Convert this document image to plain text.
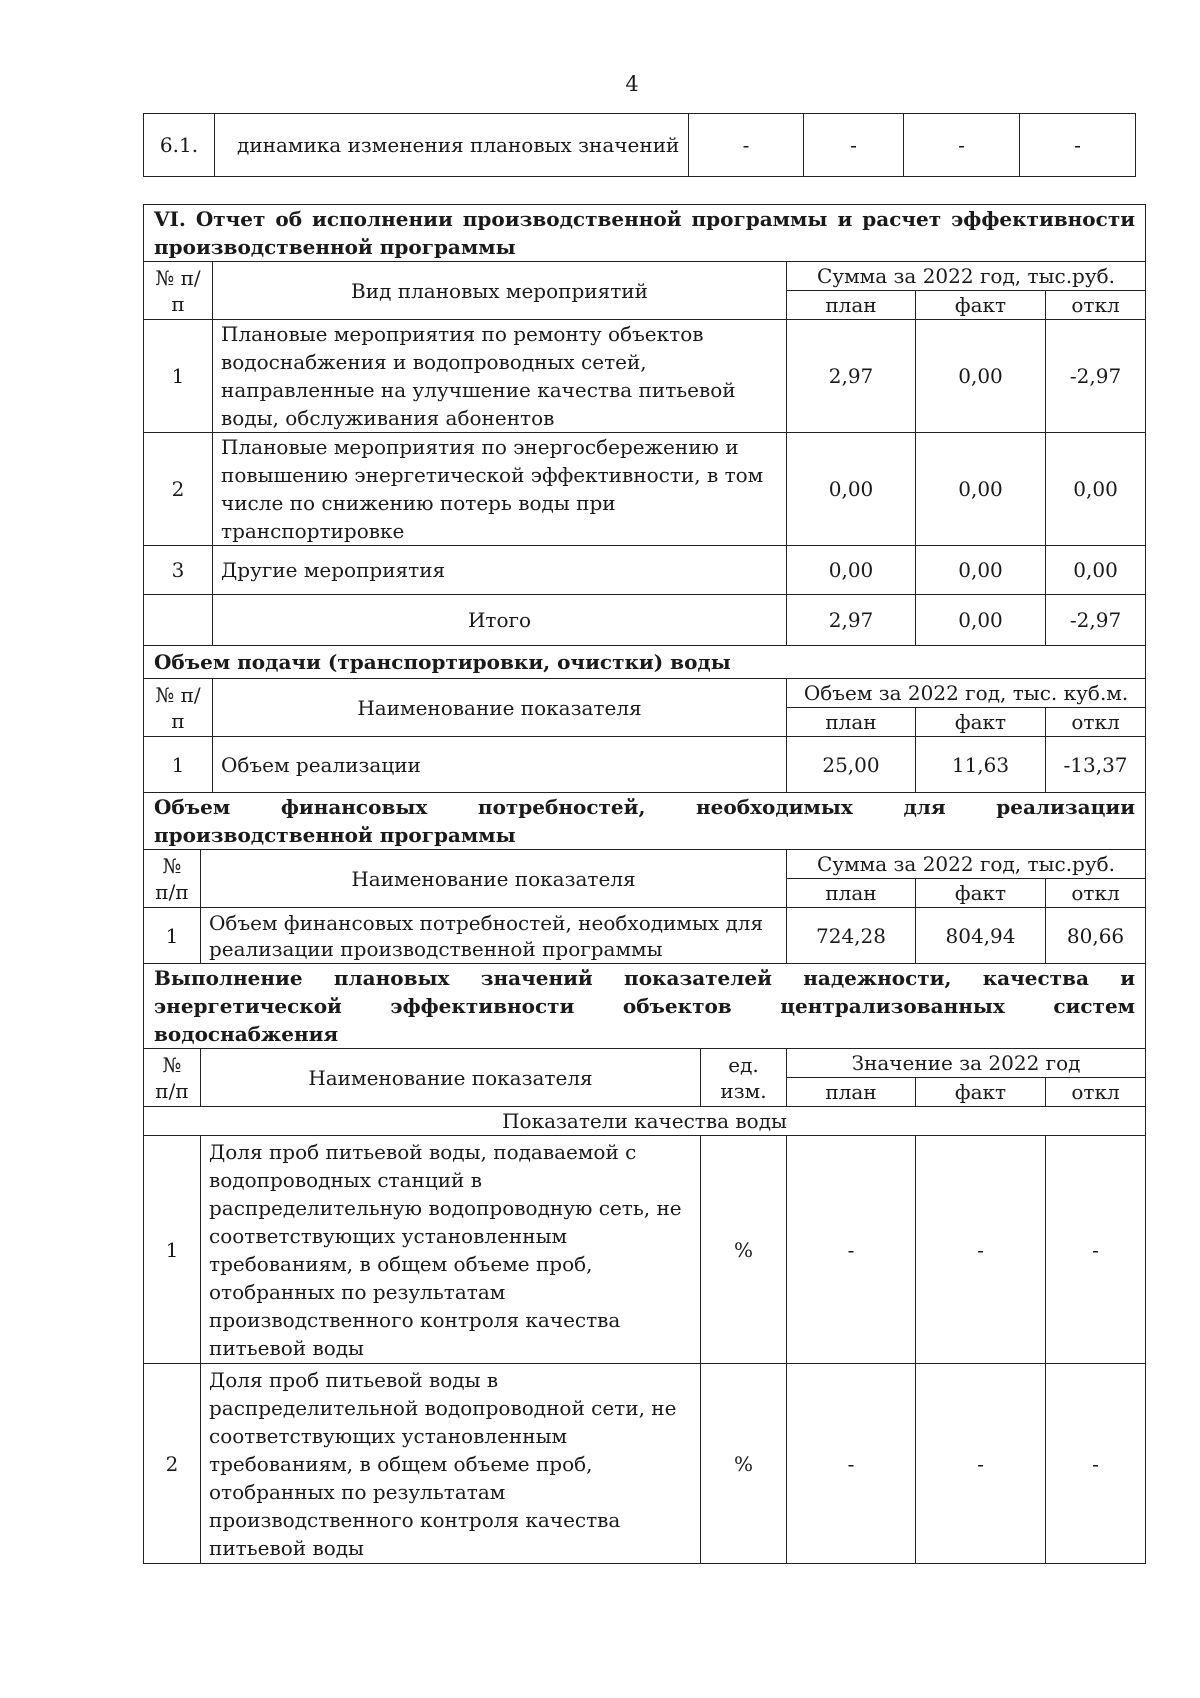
4
6.1.	динамика изменения плановых значений	-	-	-	-
VI. Отчет об исполнении производственной программы и расчет эффективности производственной программы						
№ п/п		Вид плановых мероприятий		Сумма за 2022 год, тыс.руб.		
				план	факт	откл
1		Плановые мероприятия по ремонту объектов водоснабжения и водопроводных сетей, направленные на улучшение качества питьевой воды, обслуживания абонентов		2,97	0,00	-2,97
2		Плановые мероприятия по энергосбережению и повышению энергетической эффективности, в том числе по снижению потерь воды при транспортировке		0,00	0,00	0,00
3		Другие мероприятия		0,00	0,00	0,00
		Итого		2,97	0,00	-2,97
Объем подачи (транспортировки, очистки) воды						
№ п/п		Наименование показателя		Объем за 2022 год, тыс. куб.м.		
				план	факт	откл
1		Объем реализации		25,00	11,63	-13,37
Объем финансовых потребностей, необходимых для реализации производственной программы						
№ п/п	Наименование показателя			Сумма за 2022 год, тыс.руб.		
				план	факт	откл
1	Объем финансовых потребностей, необходимых для реализации производственной программы			724,28	804,94	80,66
Выполнение плановых значений показателей надежности, качества и энергетической эффективности объектов централизованных систем водоснабжения						
№ п/п	Наименование показателя		ед. изм.	Значение за 2022 год		
				план	факт	откл
Показатели качества воды						
1	Доля проб питьевой воды, подаваемой с водопроводных станций в распределительную водопроводную сеть, не соответствующих установленным требованиям, в общем объеме проб, отобранных по результатам производственного контроля качества питьевой воды		%	-	-	-
2	Доля проб питьевой воды в распределительной водопроводной сети, не соответствующих установленным требованиям, в общем объеме проб, отобранных по результатам производственного контроля качества питьевой воды		%	-	-	-
